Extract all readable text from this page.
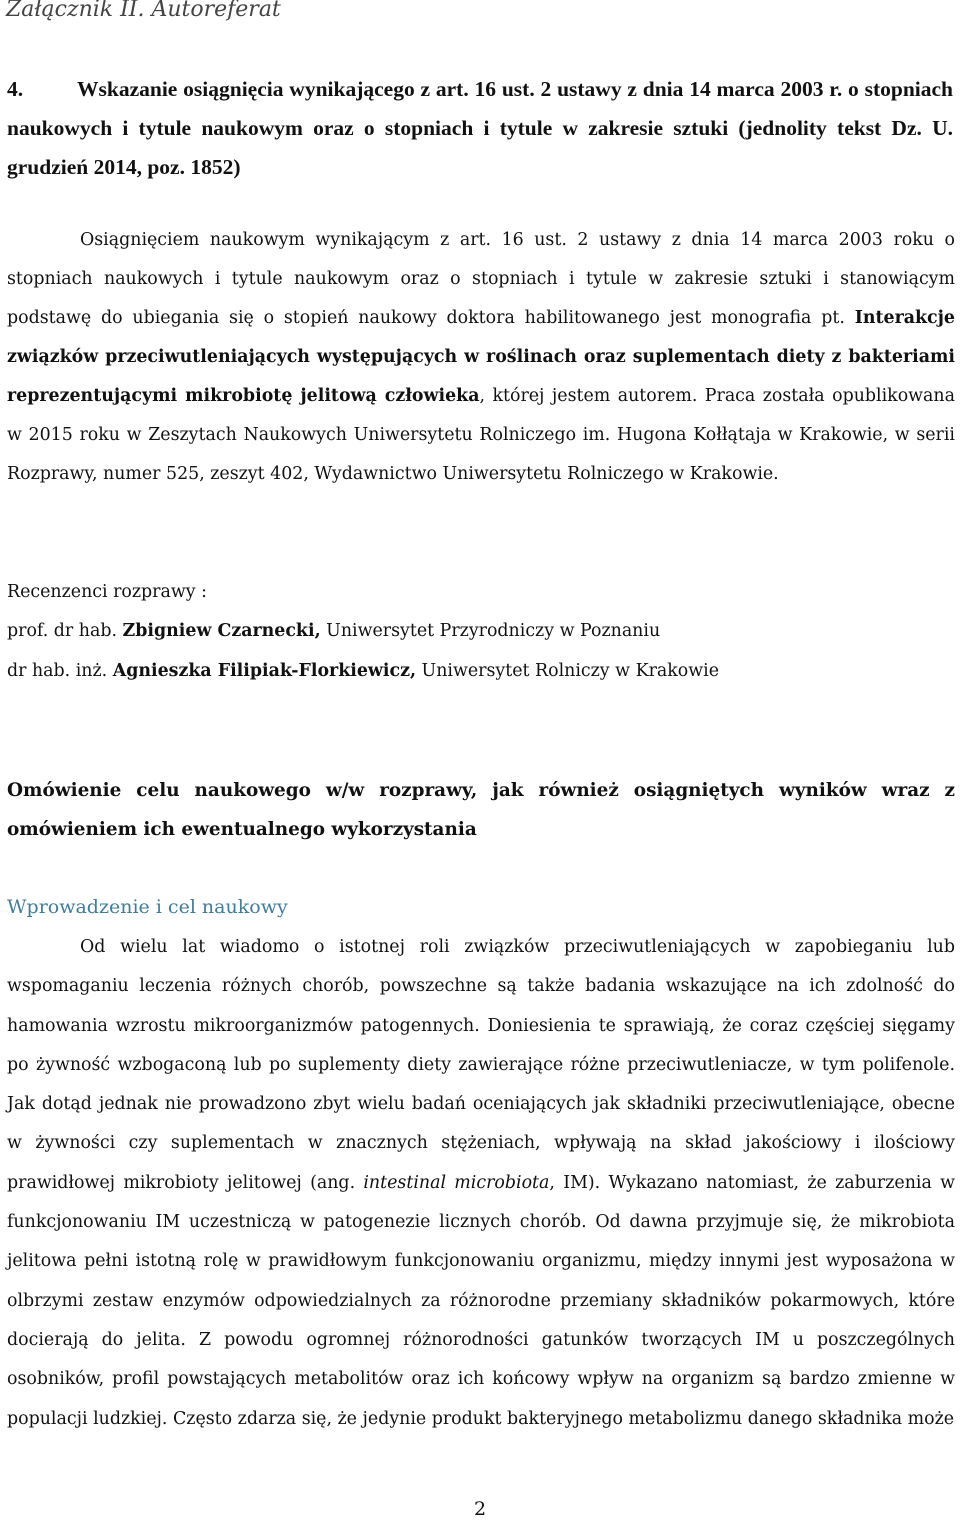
Załącznik II. Autoreferat
4.	Wskazanie osiągnięcia wynikającego z art. 16 ust. 2 ustawy z dnia 14 marca 2003 r. o stopniach naukowych i tytule naukowym oraz o stopniach i tytule w zakresie sztuki (jednolity tekst Dz. U. grudzień 2014, poz. 1852)
Osiągnięciem naukowym wynikającym z art. 16 ust. 2 ustawy z dnia 14 marca 2003 roku o stopniach naukowych i tytule naukowym oraz o stopniach i tytule w zakresie sztuki i stanowiącym podstawę do ubiegania się o stopień naukowy doktora habilitowanego jest monografia pt. Interakcje związków przeciwutleniających występujących w roślinach oraz suplementach diety z bakteriami reprezentującymi mikrobiotę jelitową człowieka, której jestem autorem. Praca została opublikowana w 2015 roku w Zeszytach Naukowych Uniwersytetu Rolniczego im. Hugona Kołłątaja w Krakowie, w serii Rozprawy, numer 525, zeszyt 402, Wydawnictwo Uniwersytetu Rolniczego w Krakowie.
Recenzenci rozprawy :
prof. dr hab. Zbigniew Czarnecki, Uniwersytet Przyrodniczy w Poznaniu
dr hab. inż. Agnieszka Filipiak-Florkiewicz, Uniwersytet Rolniczy w Krakowie
Omówienie celu naukowego w/w rozprawy, jak również osiągniętych wyników wraz z omówieniem ich ewentualnego wykorzystania
Wprowadzenie i cel naukowy
Od wielu lat wiadomo o istotnej roli związków przeciwutleniających w zapobieganiu lub wspomaganiu leczenia różnych chorób, powszechne są także badania wskazujące na ich zdolność do hamowania wzrostu mikroorganizmów patogennych. Doniesienia te sprawiają, że coraz częściej sięgamy po żywność wzbogaconą lub po suplementy diety zawierające różne przeciwutleniacze, w tym polifenole. Jak dotąd jednak nie prowadzono zbyt wielu badań oceniających jak składniki przeciwutleniające, obecne w żywności czy suplementach w znacznych stężeniach, wpływają na skład jakościowy i ilościowy prawidłowej mikrobioty jelitowej (ang. intestinal microbiota, IM). Wykazano natomiast, że zaburzenia w funkcjonowaniu IM uczestniczą w patogenezie licznych chorób. Od dawna przyjmuje się, że mikrobiota jelitowa pełni istotną rolę w prawidłowym funkcjonowaniu organizmu, między innymi jest wyposażona w olbrzymi zestaw enzymów odpowiedzialnych za różnorodne przemiany składników pokarmowych, które docierają do jelita. Z powodu ogromnej różnorodności gatunków tworzących IM u poszczególnych osobników, profil powstających metabolitów oraz ich końcowy wpływ na organizm są bardzo zmienne w populacji ludzkiej. Często zdarza się, że jedynie produkt bakteryjnego metabolizmu danego składnika może
2
